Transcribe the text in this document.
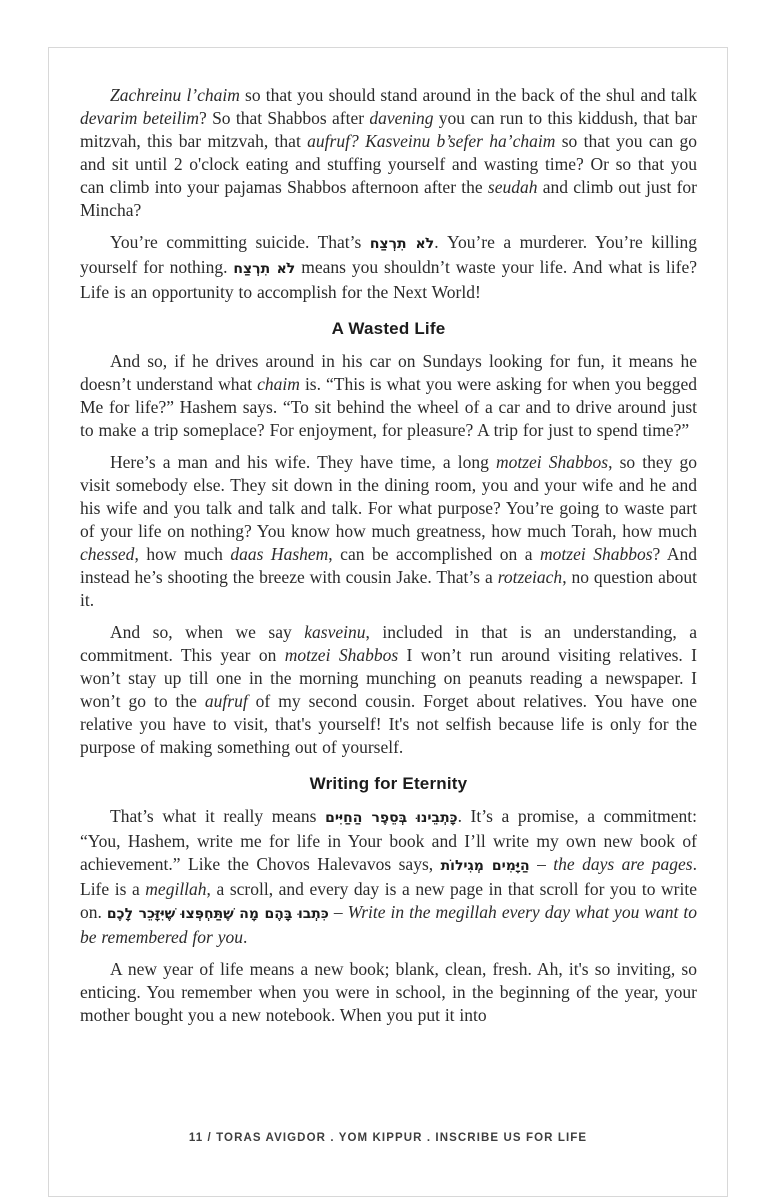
Zachreinu l’chaim so that you should stand around in the back of the shul and talk devarim beteilim? So that Shabbos after davening you can run to this kiddush, that bar mitzvah, this bar mitzvah, that aufruf? Kasveinu b’sefer ha’chaim so that you can go and sit until 2 o'clock eating and stuffing yourself and wasting time? Or so that you can climb into your pajamas Shabbos afternoon after the seudah and climb out just for Mincha?

You’re committing suicide. That’s לֹא תִרְצַח. You’re a murderer. You’re killing yourself for nothing. לֹא תִרְצַח means you shouldn’t waste your life. And what is life? Life is an opportunity to accomplish for the Next World!

A Wasted Life

And so, if he drives around in his car on Sundays looking for fun, it means he doesn’t understand what chaim is. “This is what you were asking for when you begged Me for life?” Hashem says. “To sit behind the wheel of a car and to drive around just to make a trip someplace? For enjoyment, for pleasure? A trip for just to spend time?”

Here’s a man and his wife. They have time, a long motzei Shabbos, so they go visit somebody else. They sit down in the dining room, you and your wife and he and his wife and you talk and talk and talk. For what purpose? You’re going to waste part of your life on nothing? You know how much greatness, how much Torah, how much chessed, how much daas Hashem, can be accomplished on a motzei Shabbos? And instead he’s shooting the breeze with cousin Jake. That’s a rotzeiach, no question about it.

And so, when we say kasveinu, included in that is an understanding, a commitment. This year on motzei Shabbos I won’t run around visiting relatives. I won’t stay up till one in the morning munching on peanuts reading a newspaper. I won’t go to the aufruf of my second cousin. Forget about relatives. You have one relative you have to visit, that's yourself! It's not selfish because life is only for the purpose of making something out of yourself.

Writing for Eternity

That’s what it really means כָּתְבֵינוּ בְּסֵפֶר הַחַיִּים. It’s a promise, a commitment: “You, Hashem, write me for life in Your book and I’ll write my own new book of achievement.” Like the Chovos Halevavos says, הַיָּמִים מְגִילוֹת – the days are pages. Life is a megillah, a scroll, and every day is a new page in that scroll for you to write on. כִּתְבוּ בָּהֶם מָה שֶׁתַּחְפְּצוּ שֶׁיִּזָּכֵר לָכֶם – Write in the megillah every day what you want to be remembered for you.

A new year of life means a new book; blank, clean, fresh. Ah, it's so inviting, so enticing. You remember when you were in school, in the beginning of the year, your mother bought you a new notebook. When you put it into

11 / TORAS AVIGDOR . YOM KIPPUR . INSCRIBE US FOR LIFE
